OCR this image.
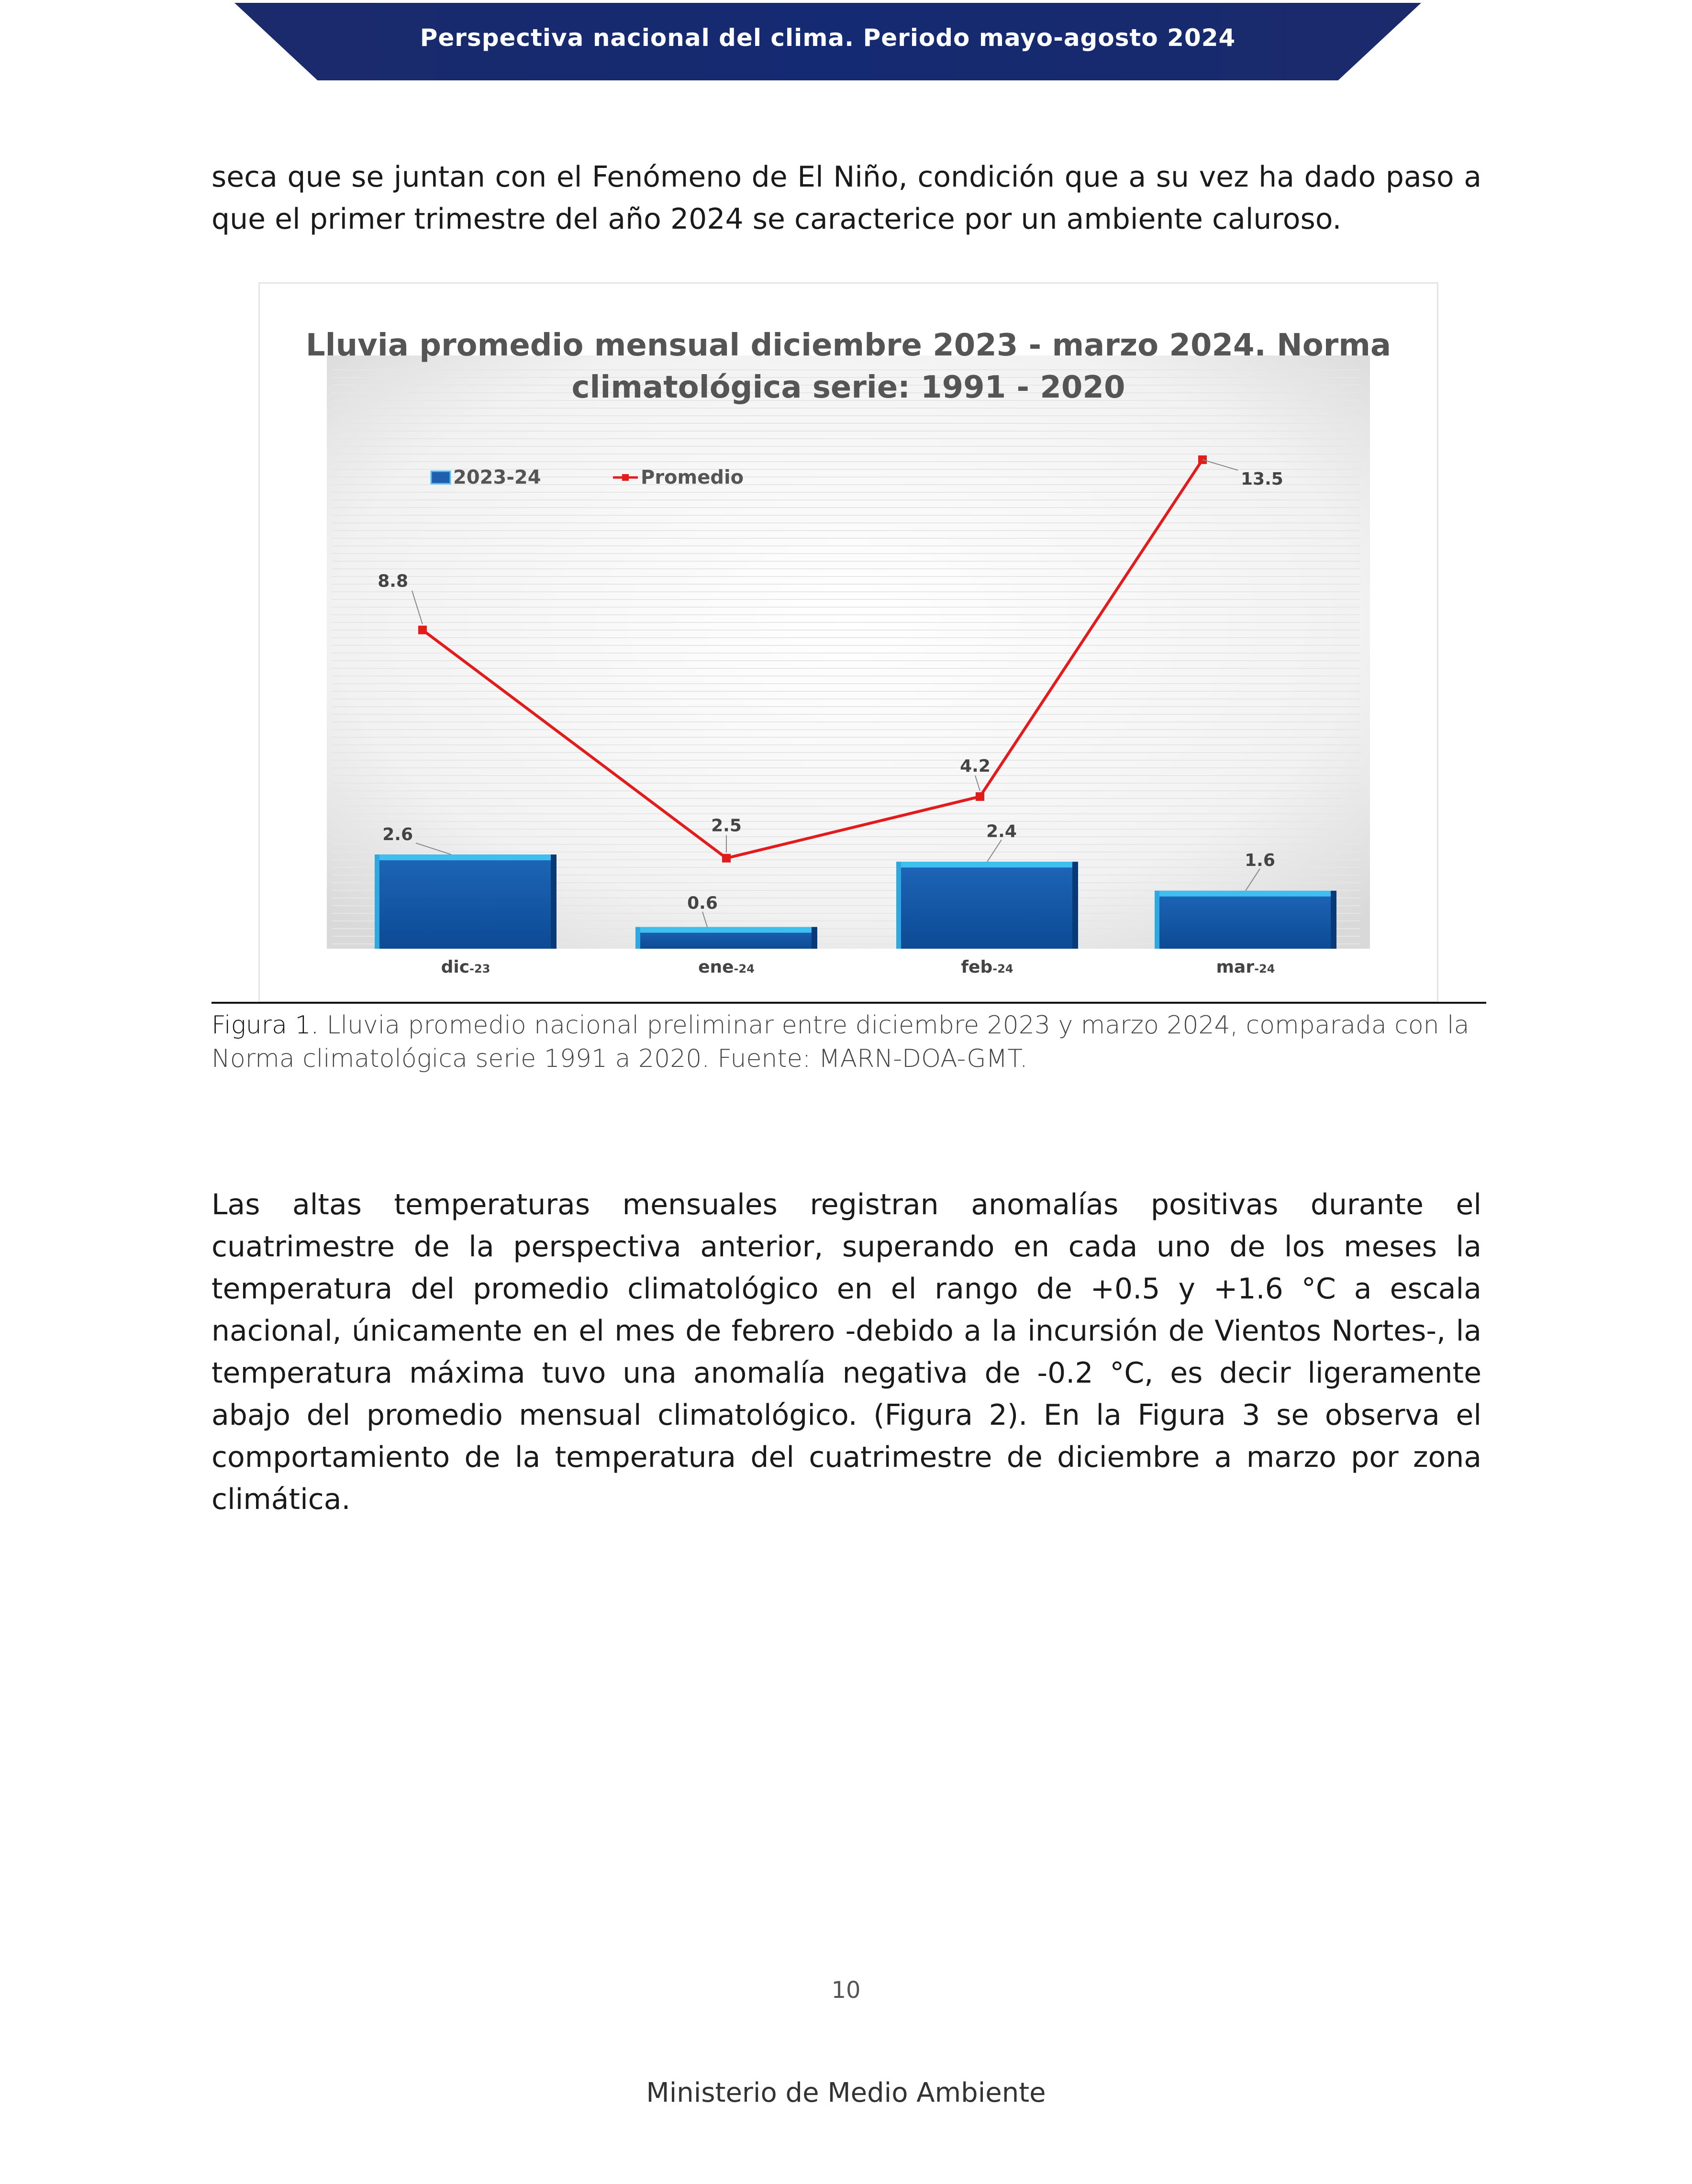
Perspectiva nacional del clima. Periodo mayo-agosto 2024

seca que se juntan con el Fenómeno de El Niño, condición que a su vez ha dado paso a que el primer trimestre del año 2024 se caracterice por un ambiente caluroso.

Lluvia promedio mensual diciembre 2023 - marzo 2024. Norma
climatológica serie: 1991 - 2020
2023-24	Promedio
2.6
0.6
2.4
1.6
8.8
2.5
4.2
13.5
dic-23	ene-24	feb-24	mar-24
Figura 1. Lluvia promedio nacional preliminar entre diciembre 2023 y marzo 2024, comparada con la Norma climatológica serie 1991 a 2020. Fuente: MARN-DOA-GMT.

Las altas temperaturas mensuales registran anomalías positivas durante el cuatrimestre de la perspectiva anterior, superando en cada uno de los meses la temperatura del promedio climatológico en el rango de +0.5 y +1.6 °C a escala nacional, únicamente en el mes de febrero -debido a la incursión de Vientos Nortes-, la temperatura máxima tuvo una anomalía negativa de -0.2 °C, es decir ligeramente abajo del promedio mensual climatológico. (Figura 2). En la Figura 3 se observa el comportamiento de la temperatura del cuatrimestre de diciembre a marzo por zona climática.

10
Ministerio de Medio Ambiente
